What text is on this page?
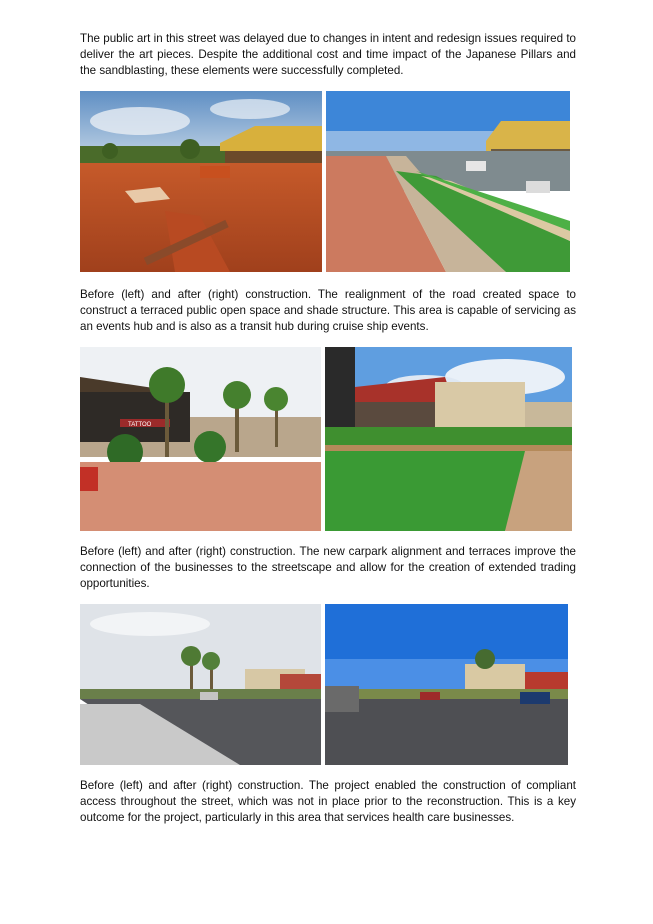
The public art in this street was delayed due to changes in intent and redesign issues required to deliver the art pieces. Despite the additional cost and time impact of the Japanese Pillars and the sandblasting, these elements were successfully completed.

Before (left) and after (right) construction. The realignment of the road created space to construct a terraced public open space and shade structure. This area is capable of servicing as an events hub and is also as a transit hub during cruise ship events.

TATTOO

Before (left) and after (right) construction. The new carpark alignment and terraces improve the connection of the businesses to the streetscape and allow for the creation of extended trading opportunities.

Before (left) and after (right) construction. The project enabled the construction of compliant access throughout the street, which was not in place prior to the reconstruction. This is a key outcome for the project, particularly in this area that services health care businesses.
